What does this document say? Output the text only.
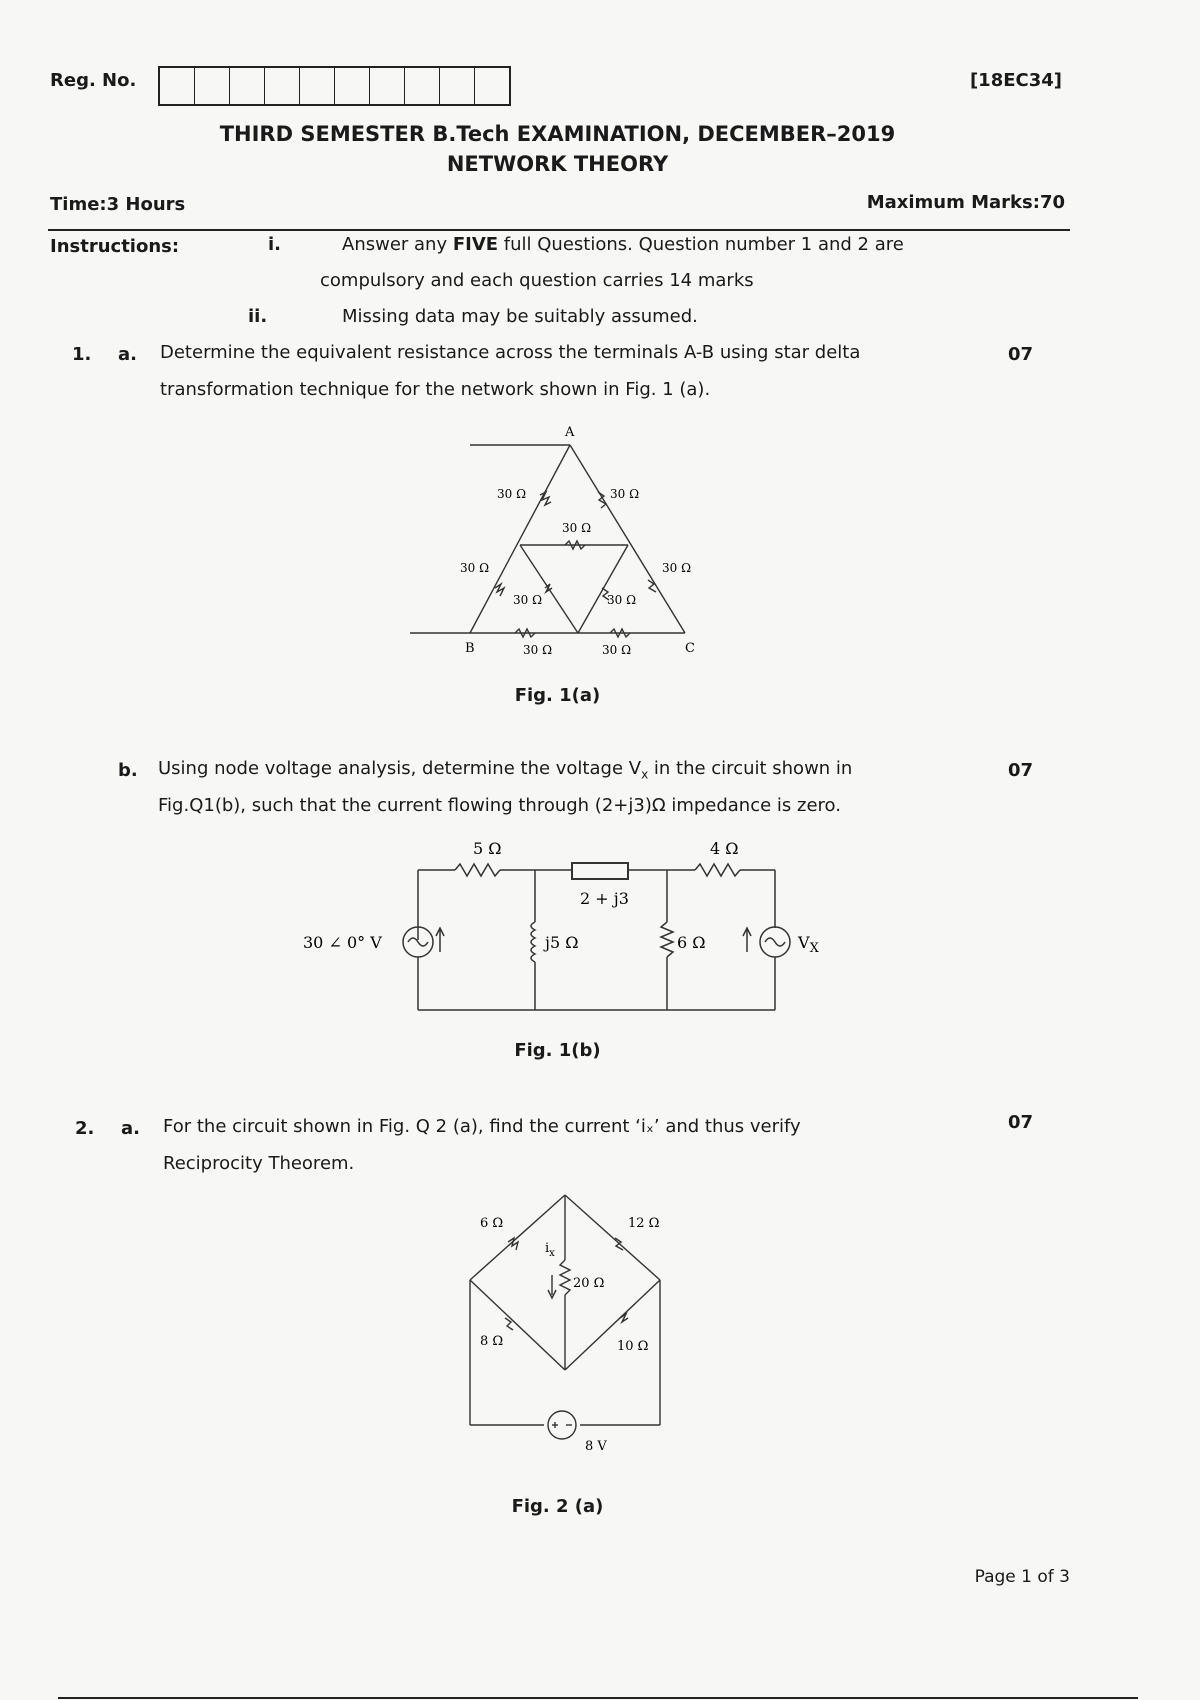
Reg. No.	[18EC34]
THIRD SEMESTER B.Tech EXAMINATION, DECEMBER–2019
NETWORK THEORY
Time:3 Hours	Maximum Marks:70
Instructions:	i.	Answer any FIVE full Questions. Question number 1 and 2 are
compulsory and each question carries 14 marks
ii.	Missing data may be suitably assumed.
1. a. Determine the equivalent resistance across the terminals A-B using star delta
transformation technique for the network shown in Fig. 1 (a).
07
A
B	C
30 Ω	30 Ω
30 Ω
30 Ω	30 Ω
30 Ω	30 Ω
30 Ω	30 Ω
Fig. 1(a)
b. Using node voltage analysis, determine the voltage $V_x$ in the circuit shown in
Fig.Q1(b), such that the current flowing through (2+j3)Ω impedance is zero.
07
5 Ω	4 Ω
2 + j3
j5 Ω	6 Ω
30 ∠ 0° V	$V_X$
Fig. 1(b)
2. a. For the circuit shown in Fig. Q 2 (a), find the current ‘iₓ’ and thus verify
Reciprocity Theorem.
07
6 Ω	12 Ω
20 Ω
8 Ω	10 Ω
$i_x$
8 V
Fig. 2 (a)
Page 1 of 3
